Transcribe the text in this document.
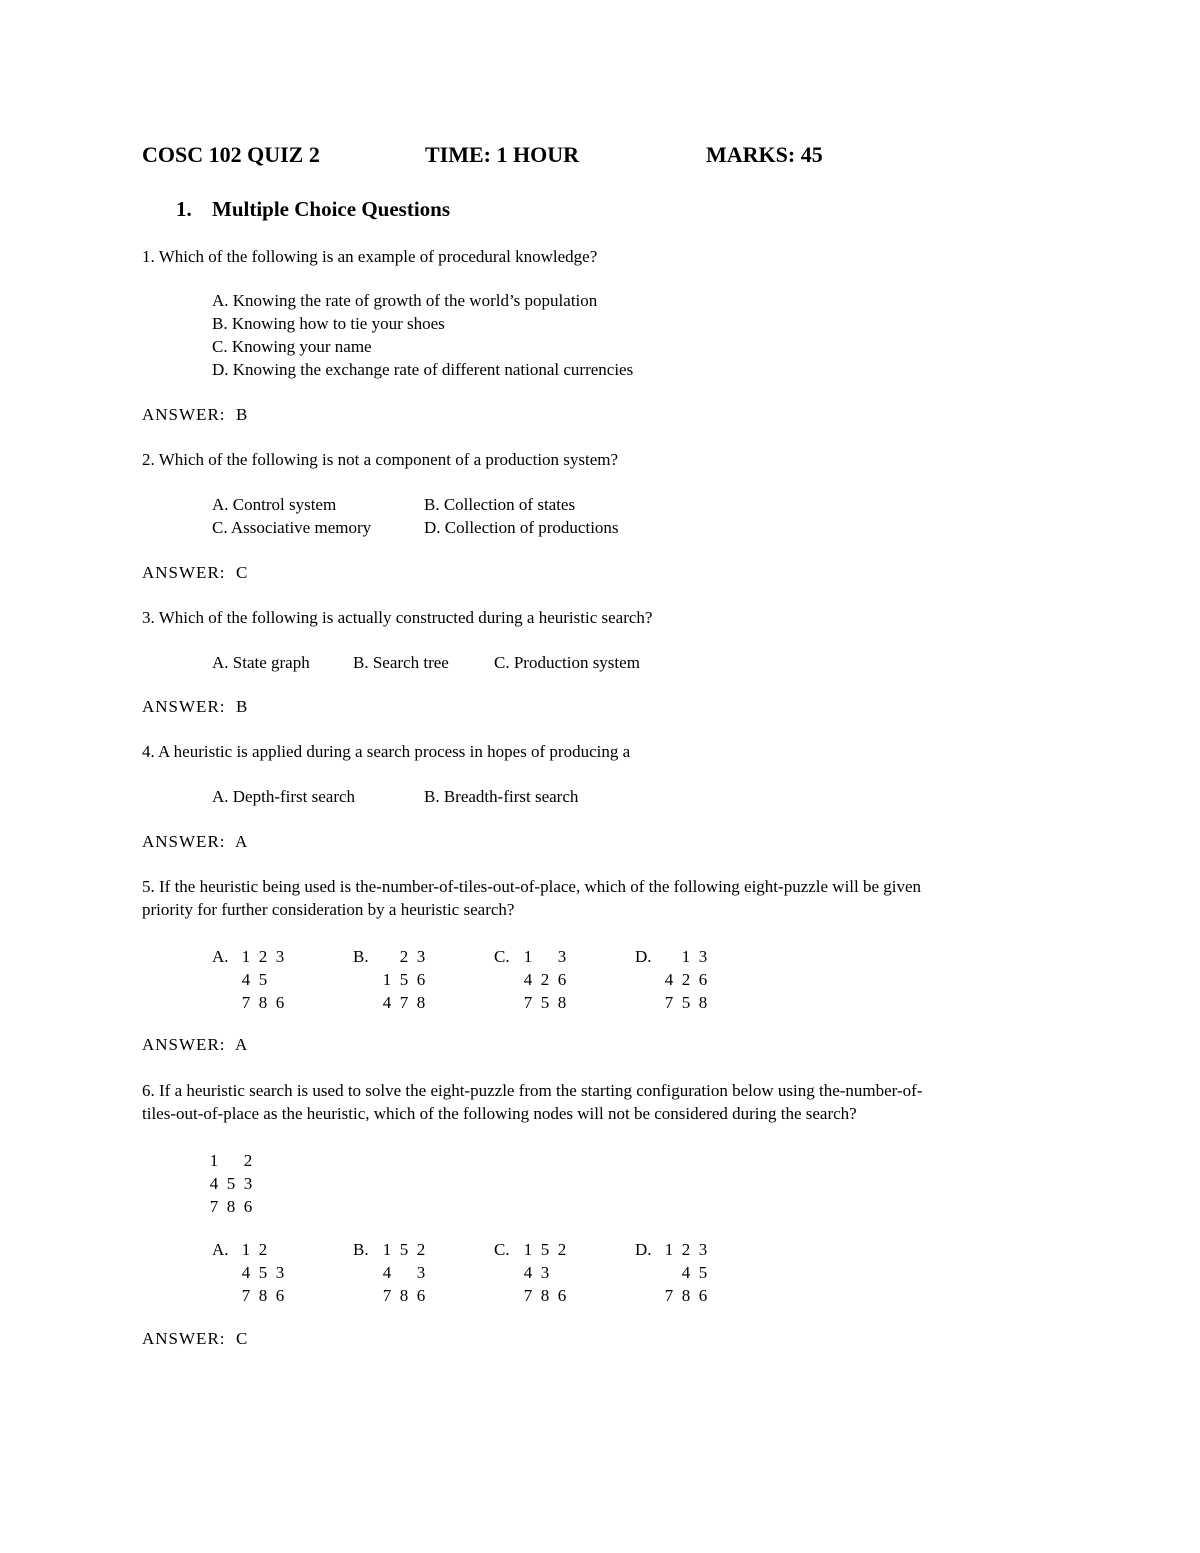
COSC 102 QUIZ 2	TIME: 1 HOUR	MARKS: 45
1. Multiple Choice Questions
1. Which of the following is an example of procedural knowledge?
A. Knowing the rate of growth of the world’s population
B. Knowing how to tie your shoes
C. Knowing your name
D. Knowing the exchange rate of different national currencies
ANSWER:  B
2. Which of the following is not a component of a production system?
A. Control system	B. Collection of states
C. Associative memory	D. Collection of productions
ANSWER:  C
3. Which of the following is actually constructed during a heuristic search?
A. State graph	B. Search tree	C. Production system
ANSWER:  B
4. A heuristic is applied during a search process in hopes of producing a
A. Depth-first search	B. Breadth-first search
ANSWER:  A
5. If the heuristic being used is the-number-of-tiles-out-of-place, which of the following eight-puzzle will be given
priority for further consideration by a heuristic search?
A. 1 2 3
4 5
7 8 6
B.	2 3
1 5 6
4 7 8
C. 1	3
4 2 6
7 5 8
D.	1 3
4 2 6
7 5 8
ANSWER:  A
6. If a heuristic search is used to solve the eight-puzzle from the starting configuration below using the-number-of-
tiles-out-of-place as the heuristic, which of the following nodes will not be considered during the search?
1	2
4 5 3
7 8 6
A. 1 2
4 5 3
7 8 6
B. 1 5 2
4	3
7 8 6
C. 1 5 2
4 3
7 8 6
D. 1 2 3
4 5
7 8 6
ANSWER:  C
